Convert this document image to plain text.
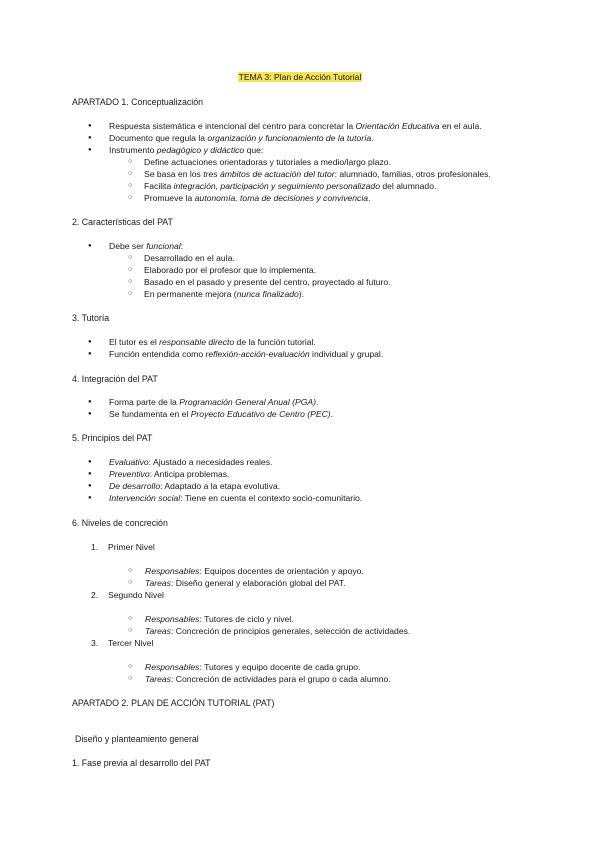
TEMA 3: Plan de Acción Tutorial
APARTADO 1. Conceptualización
● Respuesta sistemática e intencional del centro para concretar la Orientación Educativa en el aula.
● Documento que regula la organización y funcionamiento de la tutoría.
● Instrumento pedagógico y didáctico que:
○ Define actuaciones orientadoras y tutoriales a medio/largo plazo.
○ Se basa en los tres ámbitos de actuación del tutor: alumnado, familias, otros profesionales.
○ Facilita integración, participación y seguimiento personalizado del alumnado.
○ Promueve la autonomía, toma de decisiones y convivencia.
2. Características del PAT
● Debe ser funcional:
○ Desarrollado en el aula.
○ Elaborado por el profesor que lo implementa.
○ Basado en el pasado y presente del centro, proyectado al futuro.
○ En permanente mejora (nunca finalizado).
3. Tutoría
● El tutor es el responsable directo de la función tutorial.
● Función entendida como reflexión-acción-evaluación individual y grupal.
4. Integración del PAT
● Forma parte de la Programación General Anual (PGA).
● Se fundamenta en el Proyecto Educativo de Centro (PEC).
5. Principios del PAT
● Evaluativo: Ajustado a necesidades reales.
● Preventivo: Anticipa problemas.
● De desarrollo: Adaptado a la etapa evolutiva.
● Intervención social: Tiene en cuenta el contexto socio-comunitario.
6. Niveles de concreción
1. Primer Nivel
○ Responsables: Equipos docentes de orientación y apoyo.
○ Tareas: Diseño general y elaboración global del PAT.
2. Segundo Nivel
○ Responsables: Tutores de ciclo y nivel.
○ Tareas: Concreción de principios generales, selección de actividades.
3. Tercer Nivel
○ Responsables: Tutores y equipo docente de cada grupo.
○ Tareas: Concreción de actividades para el grupo o cada alumno.
APARTADO 2. PLAN DE ACCIÓN TUTORIAL (PAT)
Diseño y planteamiento general
1. Fase previa al desarrollo del PAT
